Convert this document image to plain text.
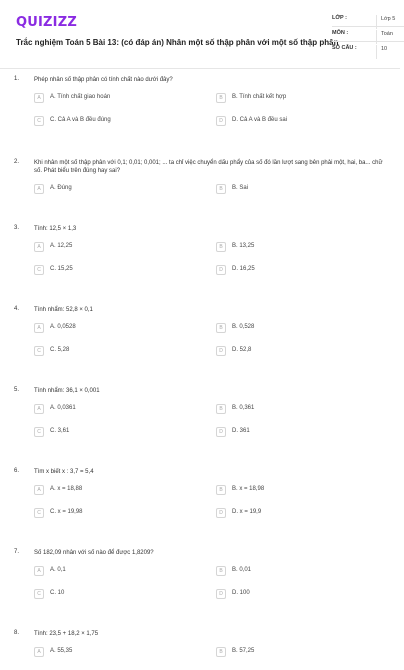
QUIZIZZ
Trắc nghiệm Toán 5 Bài 13: (có đáp án) Nhân một số thập phân với một số thập phân
LỚP :	Lớp 5
MÔN :	Toán
SỐ CÂU :	10
1.	Phép nhân số thập phân có tính chất nào dưới đây?
A	A. Tính chất giao hoán	B	B. Tính chất kết hợp
C	C. Cả A và B đều đúng	D	D. Cả A và B đều sai
2.	Khi nhân một số thập phân với 0,1; 0,01; 0,001; ... ta chỉ việc chuyển dấu phẩy của số đó lần lượt sang bên phải một, hai, ba... chữ số. Phát biểu trên đúng hay sai?
A	A. Đúng	B	B. Sai
3.	Tính: 12,5 × 1,3
A	A. 12,25	B	B. 13,25
C	C. 15,25	D	D. 16,25
4.	Tính nhẩm: 52,8 × 0,1
A	A. 0,0528	B	B. 0,528
C	C. 5,28	D	D. 52,8
5.	Tính nhẩm: 36,1 × 0,001
A	A. 0,0361	B	B. 0,361
C	C. 3,61	D	D. 361
6.	Tìm x biết x : 3,7 = 5,4
A	A. x = 18,88	B	B. x = 18,98
C	C. x = 19,98	D	D. x = 19,9
7.	Số 182,09 nhân với số nào để được 1,8209?
A	A. 0,1	B	B. 0,01
C	C. 10	D	D. 100
8.	Tính: 23,5 + 18,2 × 1,75
A	A. 55,35	B	B. 57,25
